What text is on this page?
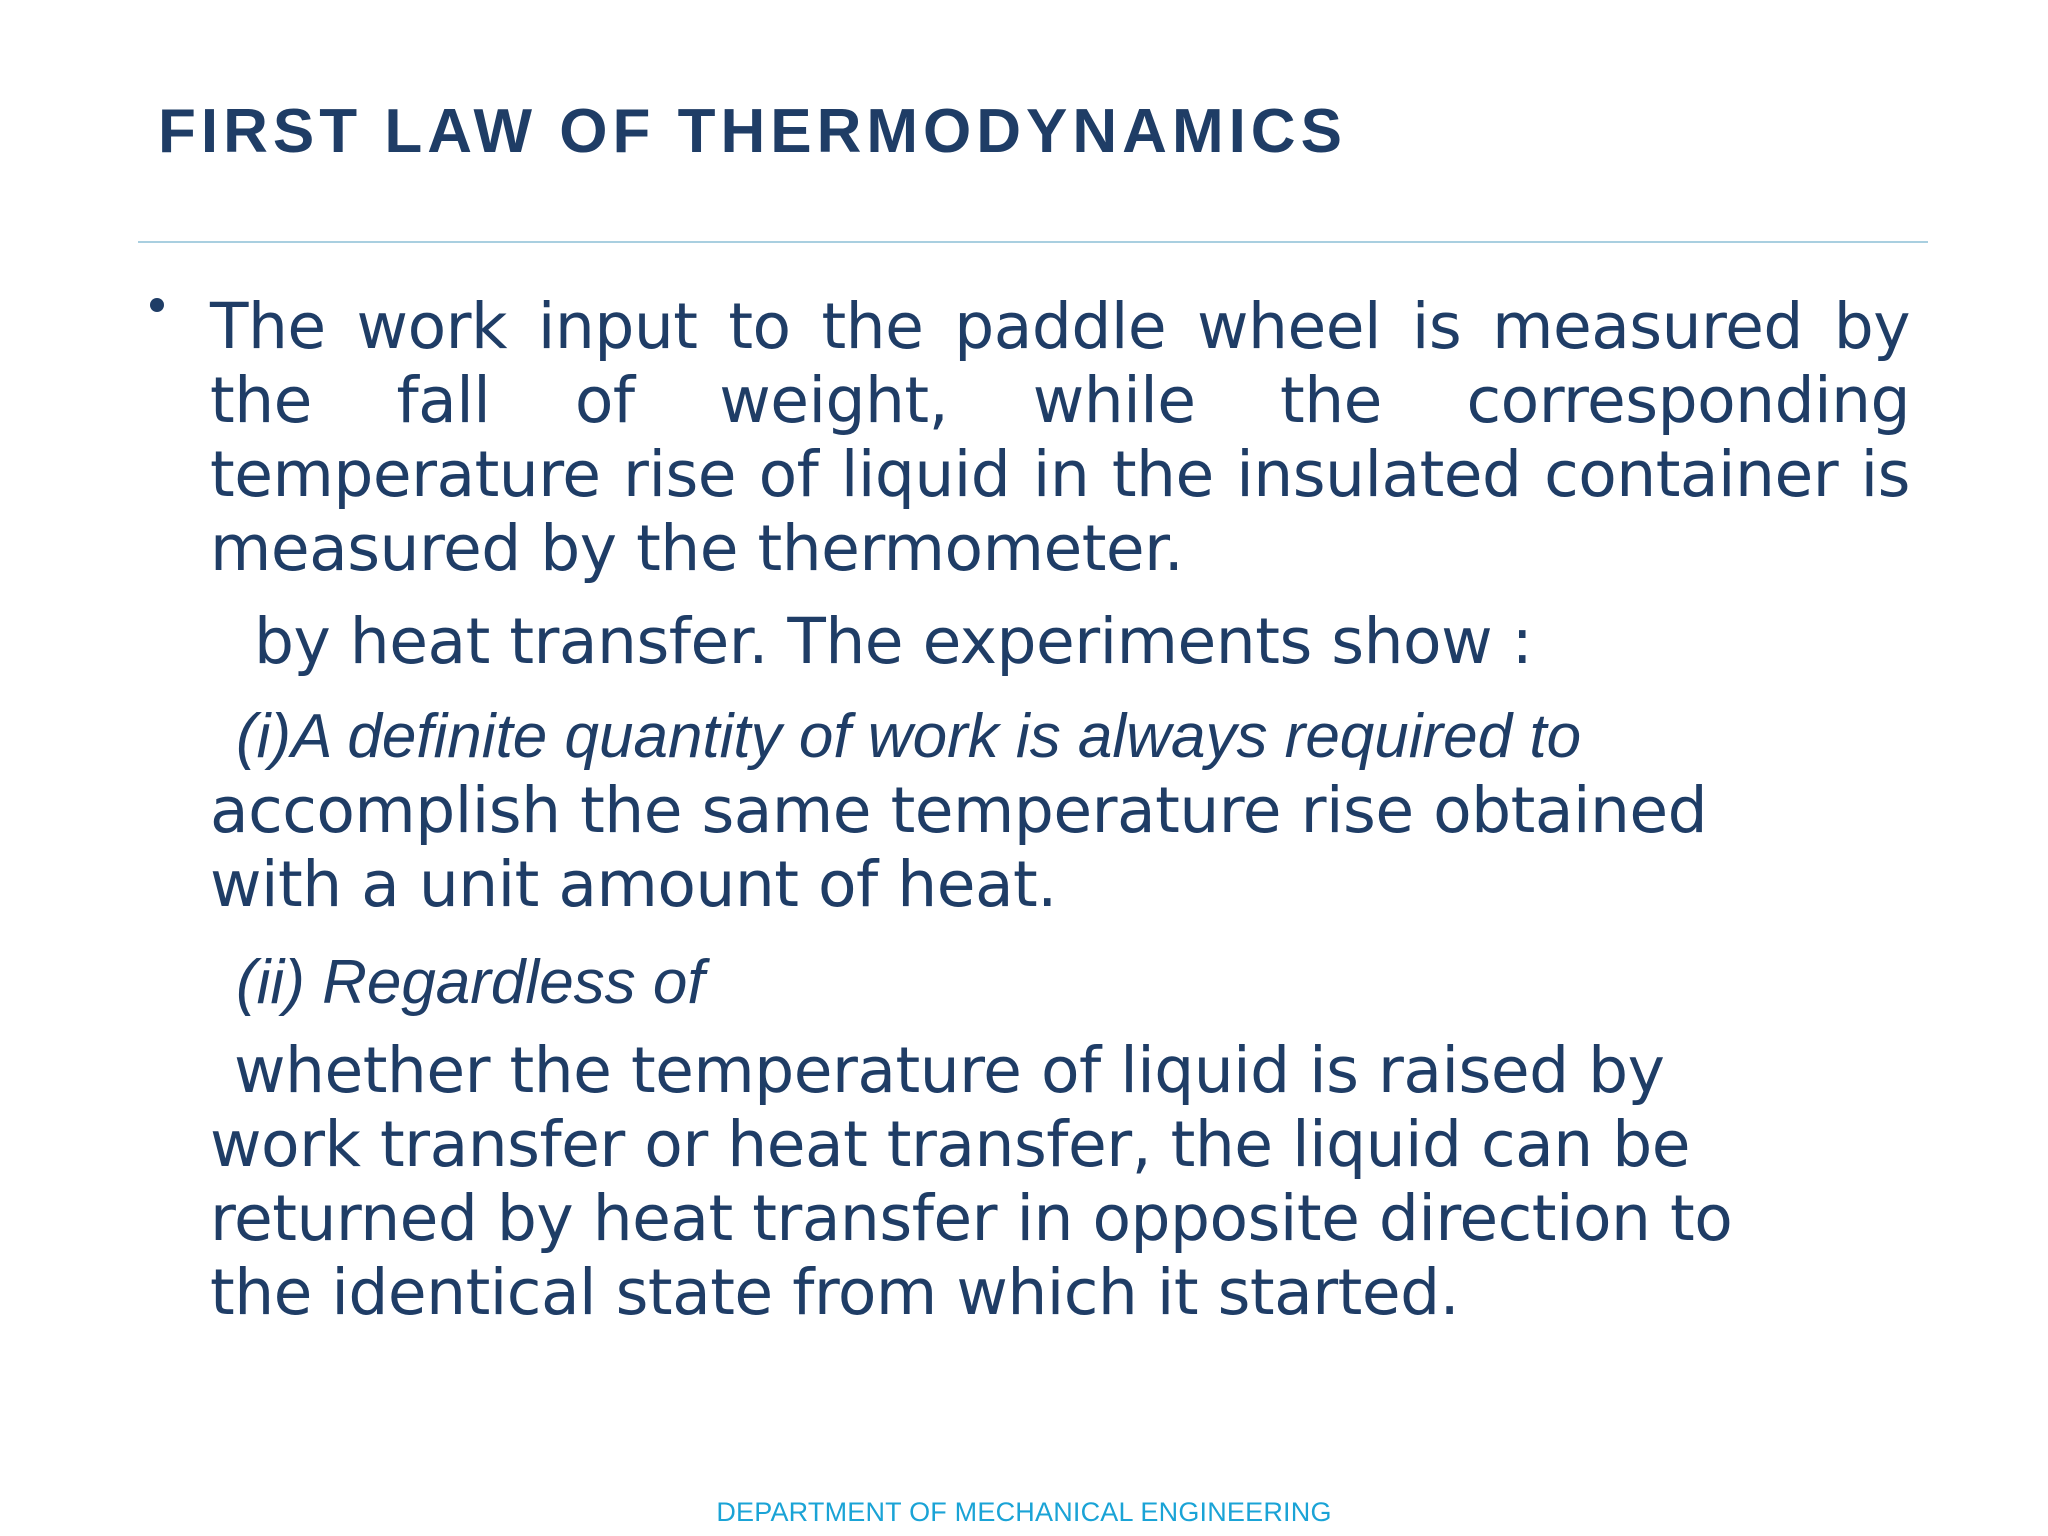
FIRST LAW OF THERMODYNAMICS

The work input to the paddle wheel is measured by the fall of weight, while the corresponding temperature rise of liquid in the insulated container is measured by the thermometer.

by heat transfer. The experiments show :

(i)A definite quantity of work is always required to

accomplish the same temperature rise obtained

with a unit amount of heat.

(ii) Regardless of

whether the temperature of liquid is raised by

work transfer or heat transfer, the liquid can be

returned by heat transfer in opposite direction to

the identical state from which it started.

DEPARTMENT OF MECHANICAL ENGINEERING
